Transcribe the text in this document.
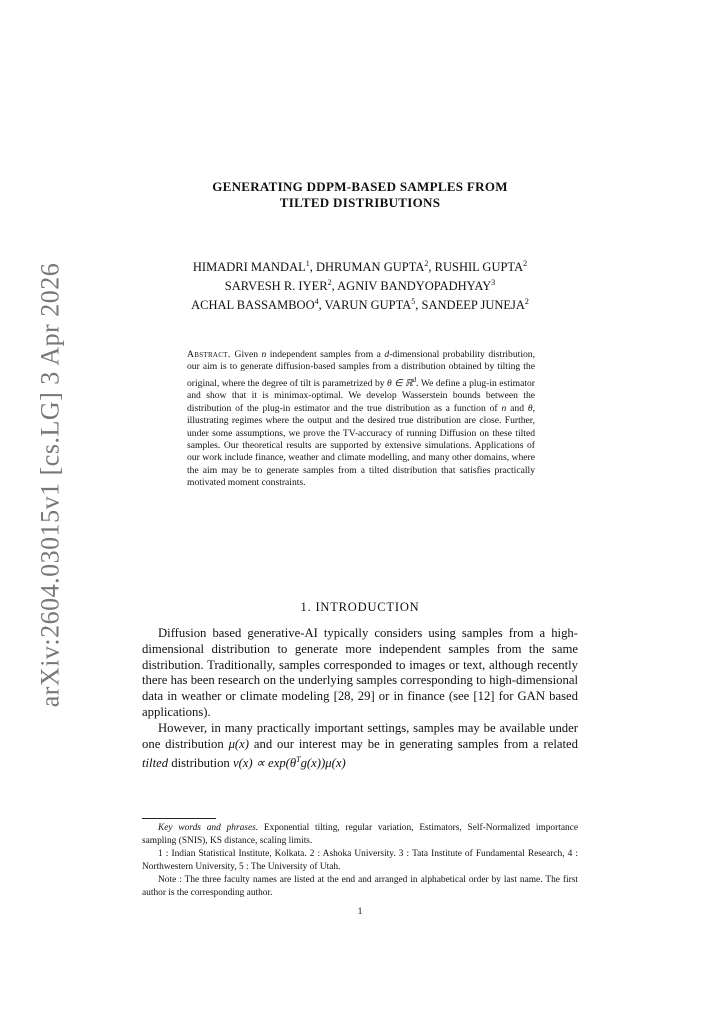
arXiv:2604.03015v1 [cs.LG] 3 Apr 2026
GENERATING DDPM-BASED SAMPLES FROM
TILTED DISTRIBUTIONS
HIMADRI MANDAL$^1$, DHRUMAN GUPTA$^2$, RUSHIL GUPTA$^2$
SARVESH R. IYER$^2$, AGNIV BANDYOPADHYAY$^3$
ACHAL BASSAMBOO$^4$, VARUN GUPTA$^5$, SANDEEP JUNEJA$^2$
Abstract. Given n independent samples from a d-dimensional probability distribution, our aim is to generate diffusion-based samples from a distribution obtained by tilting the original, where the degree of tilt is parametrized by θ ∈ ℝ$^d$. We define a plug-in estimator and show that it is minimax-optimal. We develop Wasserstein bounds between the distribution of the plug-in estimator and the true distribution as a function of n and θ, illustrating regimes where the output and the desired true distribution are close. Further, under some assumptions, we prove the TV-accuracy of running Diffusion on these tilted samples. Our theoretical results are supported by extensive simulations. Applications of our work include finance, weather and climate modelling, and many other domains, where the aim may be to generate samples from a tilted distribution that satisfies practically motivated moment constraints.
1. INTRODUCTION

Diffusion based generative-AI typically considers using samples from a high-dimensional distribution to generate more independent samples from the same distribution. Traditionally, samples corresponded to images or text, although recently there has been research on the underlying samples corresponding to high-dimensional data in weather or climate modeling [28, 29] or in finance (see [12] for GAN based applications).

However, in many practically important settings, samples may be available under one distribution μ(x) and our interest may be in generating samples from a related tilted distribution $\nu(x) \propto \exp(\theta^Tg(x))\mu(x)$

Key words and phrases. Exponential tilting, regular variation, Estimators, Self-Normalized importance sampling (SNIS), KS distance, scaling limits.

1 : Indian Statistical Institute, Kolkata. 2 : Ashoka University. 3 : Tata Institute of Fundamental Research, 4 : Northwestern University, 5 : The University of Utah.

Note : The three faculty names are listed at the end and arranged in alphabetical order by last name. The first author is the corresponding author.

1
